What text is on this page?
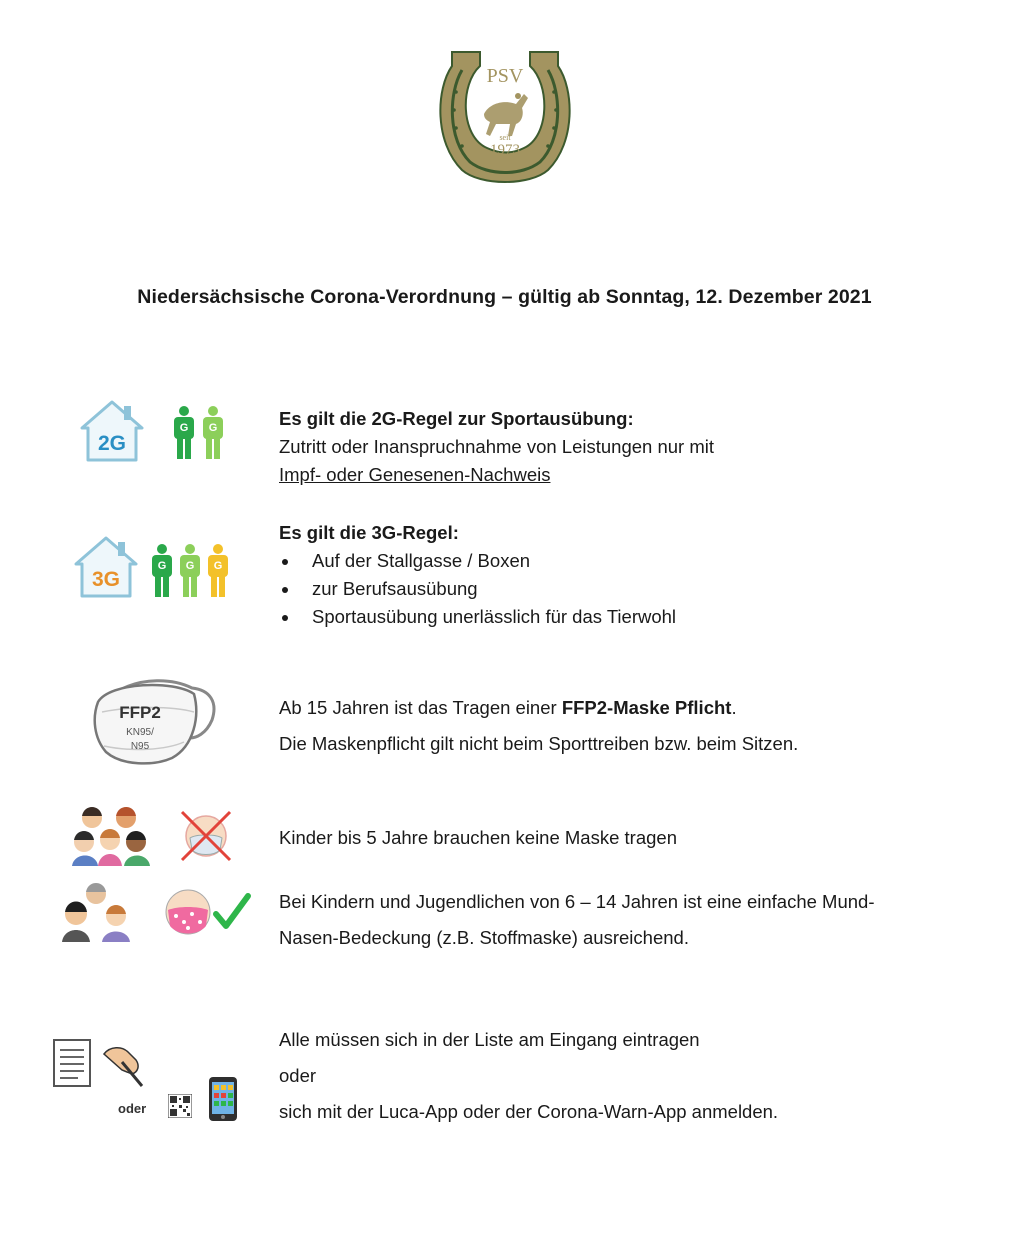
PSV
seit
1973
Niedersächsische Corona-Verordnung – gültig ab Sonntag, 12. Dezember 2021
2G
G G	Es gilt die 2G-Regel zur Sportausübung:
Zutritt oder Inanspruchnahme von Leistungen nur mit
Impf- oder Genesenen-Nachweis
3G
G G G
Es gilt die 3G-Regel:
Auf der Stallgasse / Boxen
zur Berufsausübung
Sportausübung unerlässlich für das Tierwohl
FFP2
KN95/
N95
Ab 15 Jahren ist das Tragen einer FFP2-Maske Pflicht.
Die Maskenpflicht gilt nicht beim Sporttreiben bzw. beim Sitzen.
Kinder bis 5 Jahre brauchen keine Maske tragen
Bei Kindern und Jugendlichen von 6 – 14 Jahren ist eine einfache Mund-
Nasen-Bedeckung (z.B. Stoffmaske) ausreichend.
oder
Alle müssen sich in der Liste am Eingang eintragen
oder
sich mit der Luca-App oder der Corona-Warn-App anmelden.
